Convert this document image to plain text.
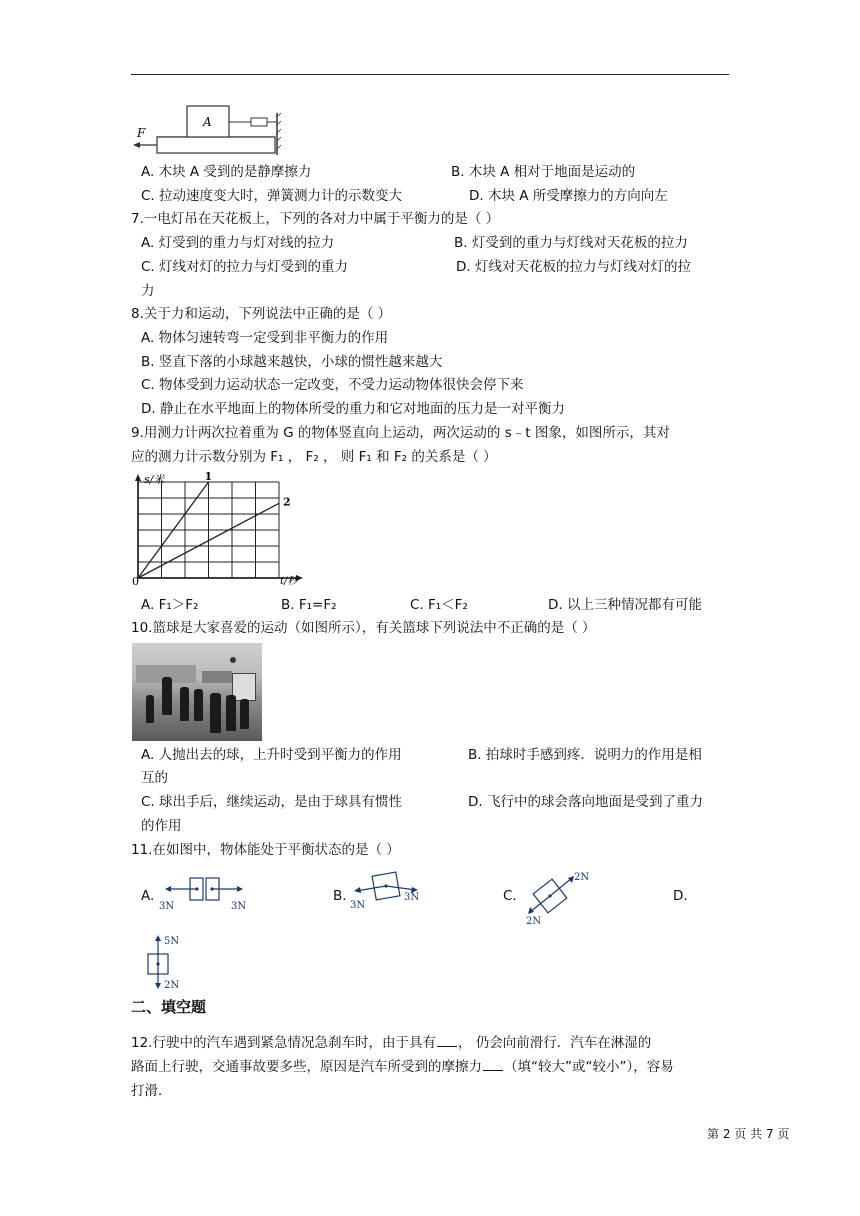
A
F
A. 木块 A 受到的是静摩擦力	B. 木块 A 相对于地面是运动的
C. 拉动速度变大时，弹簧测力计的示数变大	D. 木块 A 所受摩擦力的方向向左
7.一电灯吊在天花板上，下列的各对力中属于平衡力的是（ ）
A. 灯受到的重力与灯对线的拉力	B. 灯受到的重力与灯线对天花板的拉力
C. 灯线对灯的拉力与灯受到的重力	D. 灯线对天花板的拉力与灯线对灯的拉
力
8.关于力和运动，下列说法中正确的是（ ）
A. 物体匀速转弯一定受到非平衡力的作用
B. 竖直下落的小球越来越快，小球的惯性越来越大
C. 物体受到力运动状态一定改变，不受力运动物体很快会停下来
D. 静止在水平地面上的物体所受的重力和它对地面的压力是一对平衡力
9.用测力计两次拉着重为 G 的物体竖直向上运动，两次运动的 s﹣t 图象，如图所示，其对
应的测力计示数分别为 F₁ ， F₂ ， 则 F₁ 和 F₂ 的关系是（ ）
1
2
s/米
t/秒
0
A. F₁＞F₂	B. F₁=F₂	C. F₁＜F₂	D. 以上三种情况都有可能
10.篮球是大家喜爱的运动（如图所示），有关篮球下列说法中不正确的是（ ）
A. 人抛出去的球，上升时受到平衡力的作用	B. 拍球时手感到疼．说明力的作用是相
互的
C. 球出手后，继续运动，是由于球具有惯性	D. 飞行中的球会落向地面是受到了重力
的作用
11.在如图中，物体能处于平衡状态的是（ ）
A.	B.	C.	D.
3N	3N	3N
3N
2N
2N
5N
2N
二、填空题
12.行驶中的汽车遇到紧急情况急刹车时，由于具有 ， 仍会向前滑行．汽车在淋湿的
路面上行驶，交通事故要多些，原因是汽车所受到的摩擦力 （填“较大”或“较小”），容易
打滑．
第 2 页 共 7 页
